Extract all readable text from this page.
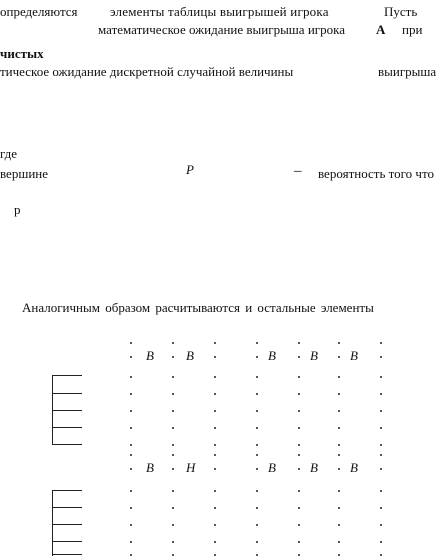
определяются элементы таблицы выигрышей игрока	Пусть
математическое ожидание выигрыша игрока А при
чистых
тическое ожидание дискретной случайной величины	выигрыша
где
вершине	P	– вероятность того что
p
Аналогичным образом расчитываются и остальные элементы
B B	B	B B
B Н	B	B B
